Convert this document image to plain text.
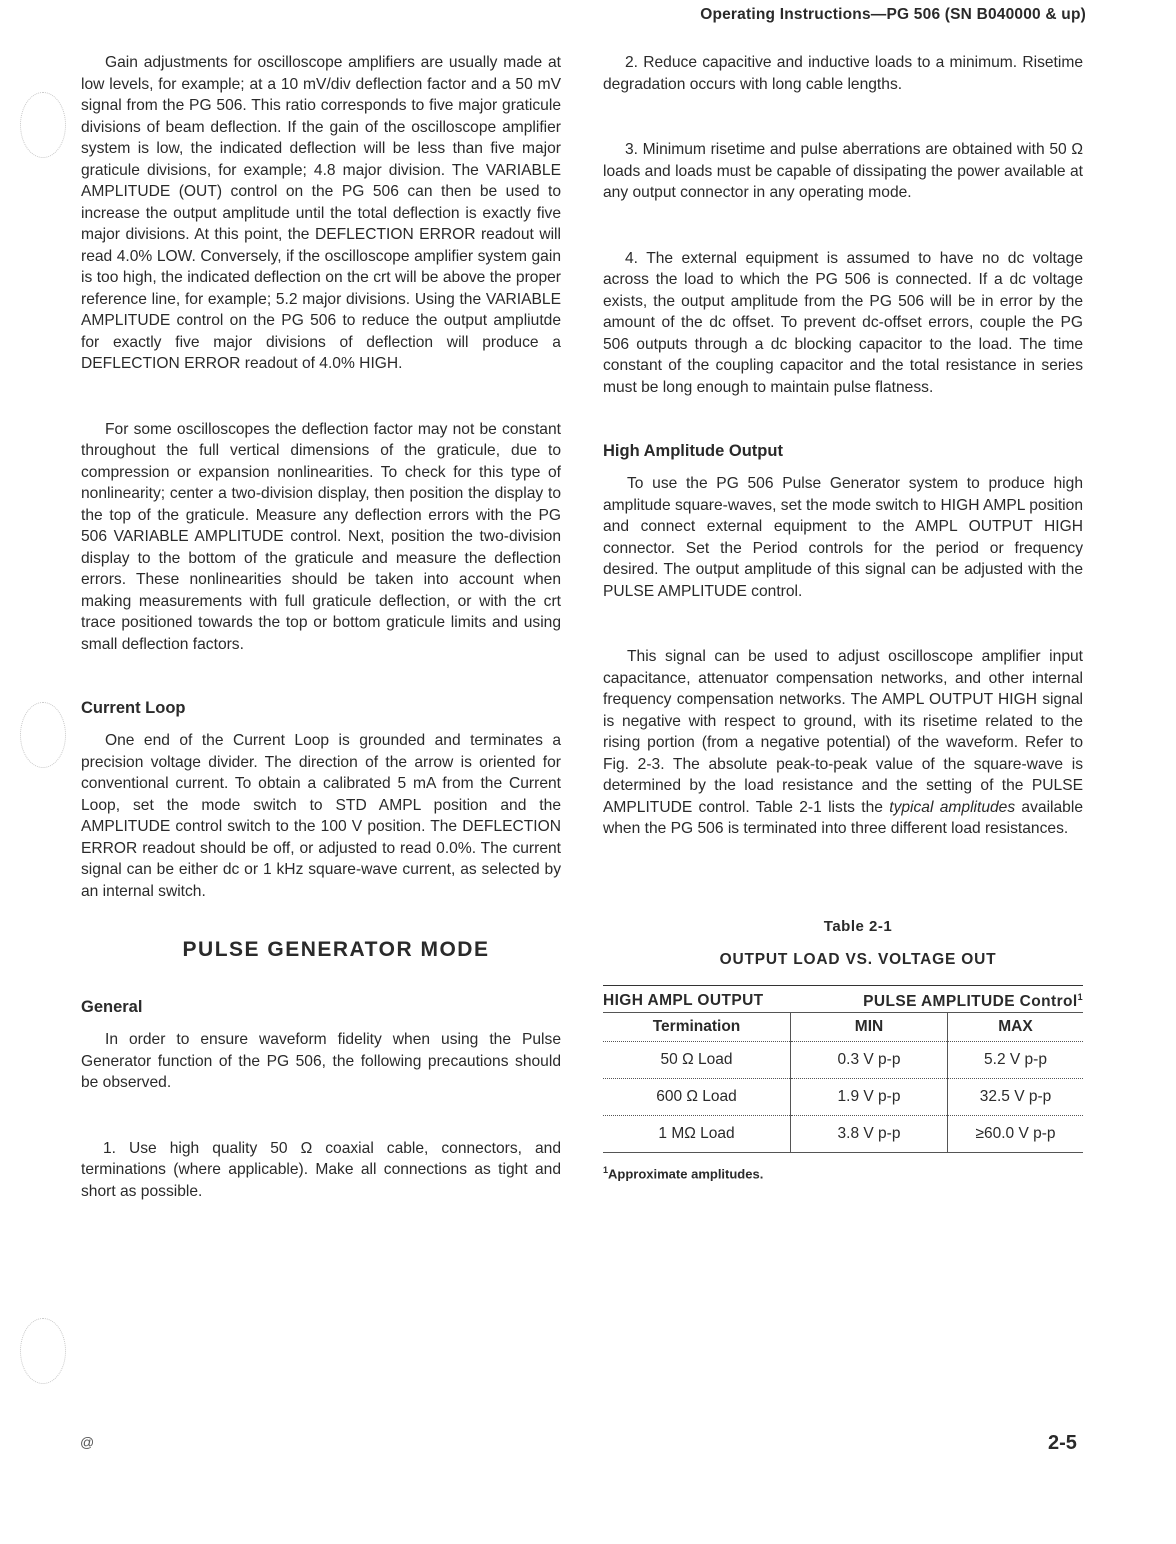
Operating Instructions—PG 506 (SN B040000 & up)

Gain adjustments for oscilloscope amplifiers are usually made at low levels, for example; at a 10 mV/div deflection factor and a 50 mV signal from the PG 506. This ratio corresponds to five major graticule divisions of beam deflection. If the gain of the oscilloscope amplifier system is low, the indicated deflection will be less than five major graticule divisions, for example; 4.8 major division. The VARIABLE AMPLITUDE (OUT) control on the PG 506 can then be used to increase the output amplitude until the total deflection is exactly five major divisions. At this point, the DEFLECTION ERROR readout will read 4.0% LOW. Conversely, if the oscilloscope amplifier system gain is too high, the indicated deflection on the crt will be above the proper reference line, for example; 5.2 major divisions. Using the VARIABLE AMPLITUDE control on the PG 506 to reduce the output ampliutde for exactly five major divisions of deflection will produce a DEFLECTION ERROR readout of 4.0% HIGH.

For some oscilloscopes the deflection factor may not be constant throughout the full vertical dimensions of the graticule, due to compression or expansion nonlinearities. To check for this type of nonlinearity; center a two-division display, then position the display to the top of the graticule. Measure any deflection errors with the PG 506 VARIABLE AMPLITUDE control. Next, position the two-division display to the bottom of the graticule and measure the deflection errors. These nonlinearities should be taken into account when making measurements with full graticule deflection, or with the crt trace positioned towards the top or bottom graticule limits and using small deflection factors.

Current Loop

One end of the Current Loop is grounded and terminates a precision voltage divider. The direction of the arrow is oriented for conventional current. To obtain a calibrated 5 mA from the Current Loop, set the mode switch to STD AMPL position and the AMPLITUDE control switch to the 100 V position. The DEFLECTION ERROR readout should be off, or adjusted to read 0.0%. The current signal can be either dc or 1 kHz square-wave current, as selected by an internal switch.

PULSE GENERATOR MODE
General

In order to ensure waveform fidelity when using the Pulse Generator function of the PG 506, the following precautions should be observed.

1. Use high quality 50 Ω coaxial cable, connectors, and terminations (where applicable). Make all connections as tight and short as possible.

2. Reduce capacitive and inductive loads to a minimum. Risetime degradation occurs with long cable lengths.

3. Minimum risetime and pulse aberrations are obtained with 50 Ω loads and loads must be capable of dissipating the power available at any output connector in any operating mode.

4. The external equipment is assumed to have no dc voltage across the load to which the PG 506 is connected. If a dc voltage exists, the output amplitude from the PG 506 will be in error by the amount of the dc offset. To prevent dc-offset errors, couple the PG 506 outputs through a dc blocking capacitor to the load. The time constant of the coupling capacitor and the total resistance in series must be long enough to maintain pulse flatness.

High Amplitude Output

To use the PG 506 Pulse Generator system to produce high amplitude square-waves, set the mode switch to HIGH AMPL position and connect external equipment to the AMPL OUTPUT HIGH connector. Set the Period controls for the period or frequency desired. The output amplitude of this signal can be adjusted with the PULSE AMPLITUDE control.

This signal can be used to adjust oscilloscope amplifier input capacitance, attenuator compensation networks, and other internal frequency compensation networks. The AMPL OUTPUT HIGH signal is negative with respect to ground, with its risetime related to the rising portion (from a negative potential) of the waveform. Refer to Fig. 2-3. The absolute peak-to-peak value of the square-wave is determined by the load resistance and the setting of the PULSE AMPLITUDE control. Table 2-1 lists the typical amplitudes available when the PG 506 is terminated into three different load resistances.

Table 2-1
OUTPUT LOAD VS. VOLTAGE OUT
HIGH AMPL OUTPUT	PULSE AMPLITUDE Control$^1$
Termination	MIN	MAX
50 Ω Load	0.3 V p-p	5.2 V p-p
600 Ω Load	1.9 V p-p	32.5 V p-p
1 MΩ Load	3.8 V p-p	≥60.0 V p-p
$^1$Approximate amplitudes.
@	2-5
